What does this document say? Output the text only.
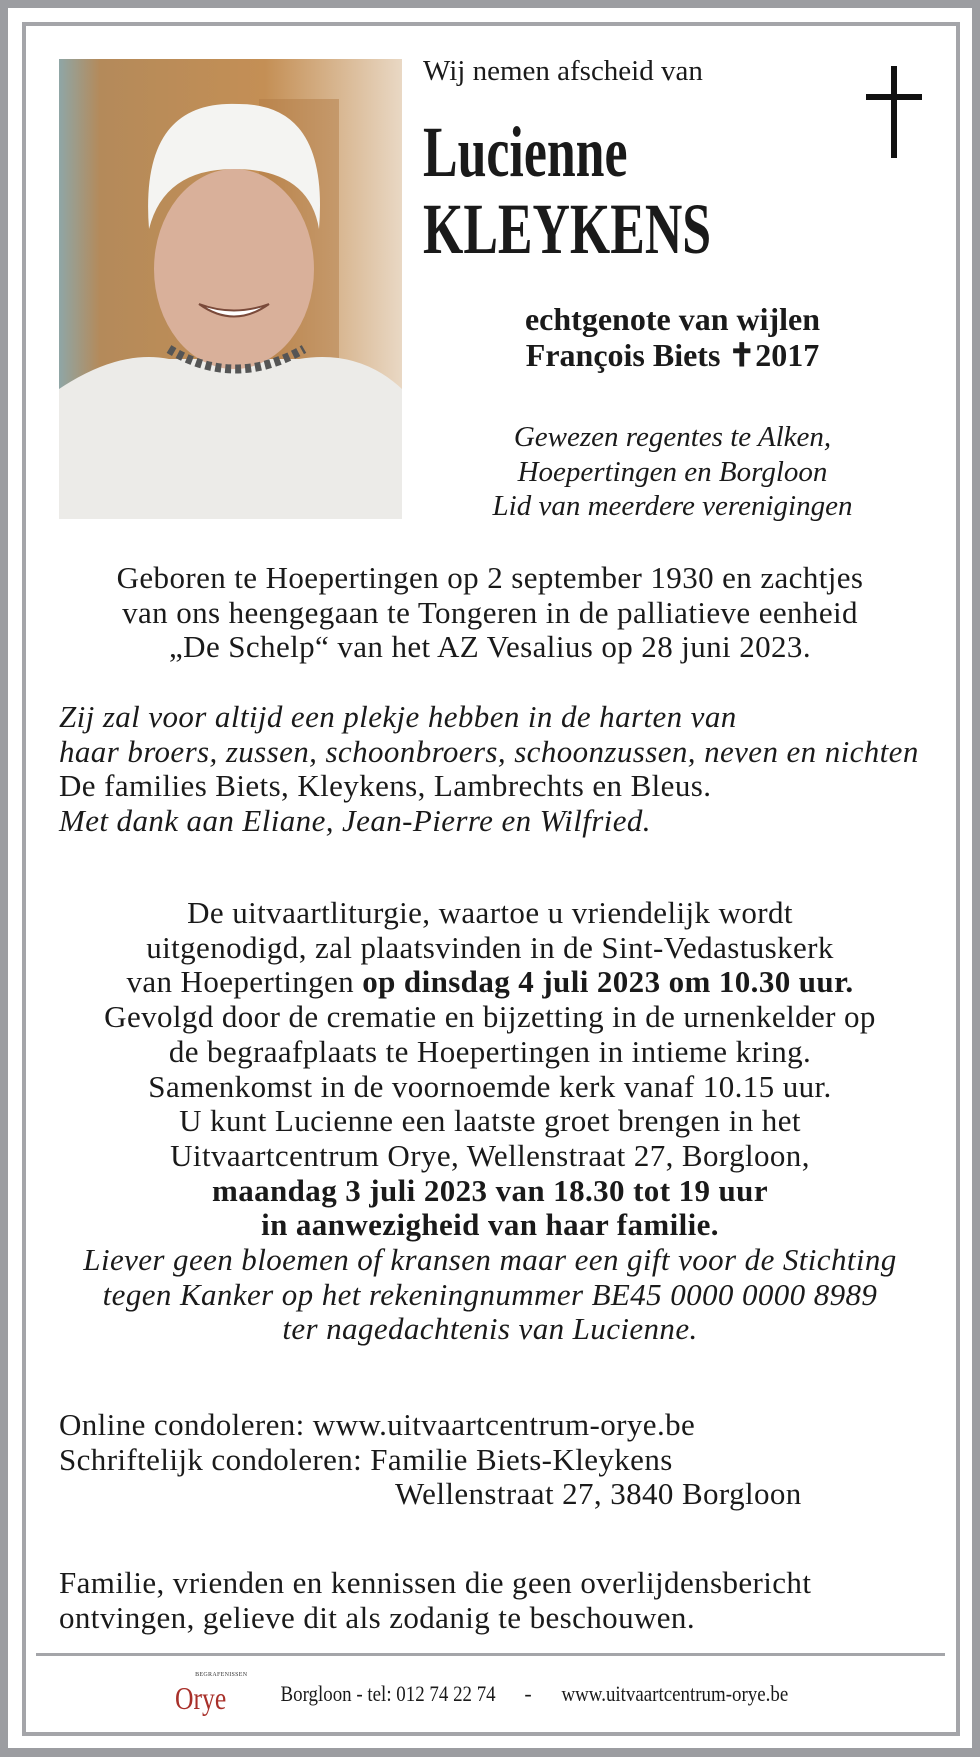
Wij nemen afscheid van
Lucienne
KLEYKENS
echtgenote van wijlen
François Biets ✝2017
Gewezen regentes te Alken,
Hoepertingen en Borgloon
Lid van meerdere verenigingen
Geboren te Hoepertingen op 2 september 1930 en zachtjes
van ons heengegaan te Tongeren in de palliatieve eenheid
„De Schelp“ van het AZ Vesalius op 28 juni 2023.
Zij zal voor altijd een plekje hebben in de harten van
haar broers, zussen, schoonbroers, schoonzussen, neven en nichten
De families Biets, Kleykens, Lambrechts en Bleus.
Met dank aan Eliane, Jean-Pierre en Wilfried.
De uitvaartliturgie, waartoe u vriendelijk wordt
uitgenodigd, zal plaatsvinden in de Sint-Vedastuskerk
van Hoepertingen op dinsdag 4 juli 2023 om 10.30 uur.
Gevolgd door de crematie en bijzetting in de urnenkelder op
de begraafplaats te Hoepertingen in intieme kring.
Samenkomst in de voornoemde kerk vanaf 10.15 uur.
U kunt Lucienne een laatste groet brengen in het
Uitvaartcentrum Orye, Wellenstraat 27, Borgloon,
maandag 3 juli 2023 van 18.30 tot 19 uur
in aanwezigheid van haar familie.
Liever geen bloemen of kransen maar een gift voor de Stichting
tegen Kanker op het rekeningnummer BE45 0000 0000 8989
ter nagedachtenis van Lucienne.
Online condoleren: www.uitvaartcentrum-orye.be
Schriftelijk condoleren: Familie Biets-Kleykens
Wellenstraat 27, 3840 Borgloon
Familie, vrienden en kennissen die geen overlijdensbericht
ontvingen, gelieve dit als zodanig te beschouwen.
BEGRAFENISSEN
Orye Borgloon - tel: 012 74 22 74 - www.uitvaartcentrum-orye.be
